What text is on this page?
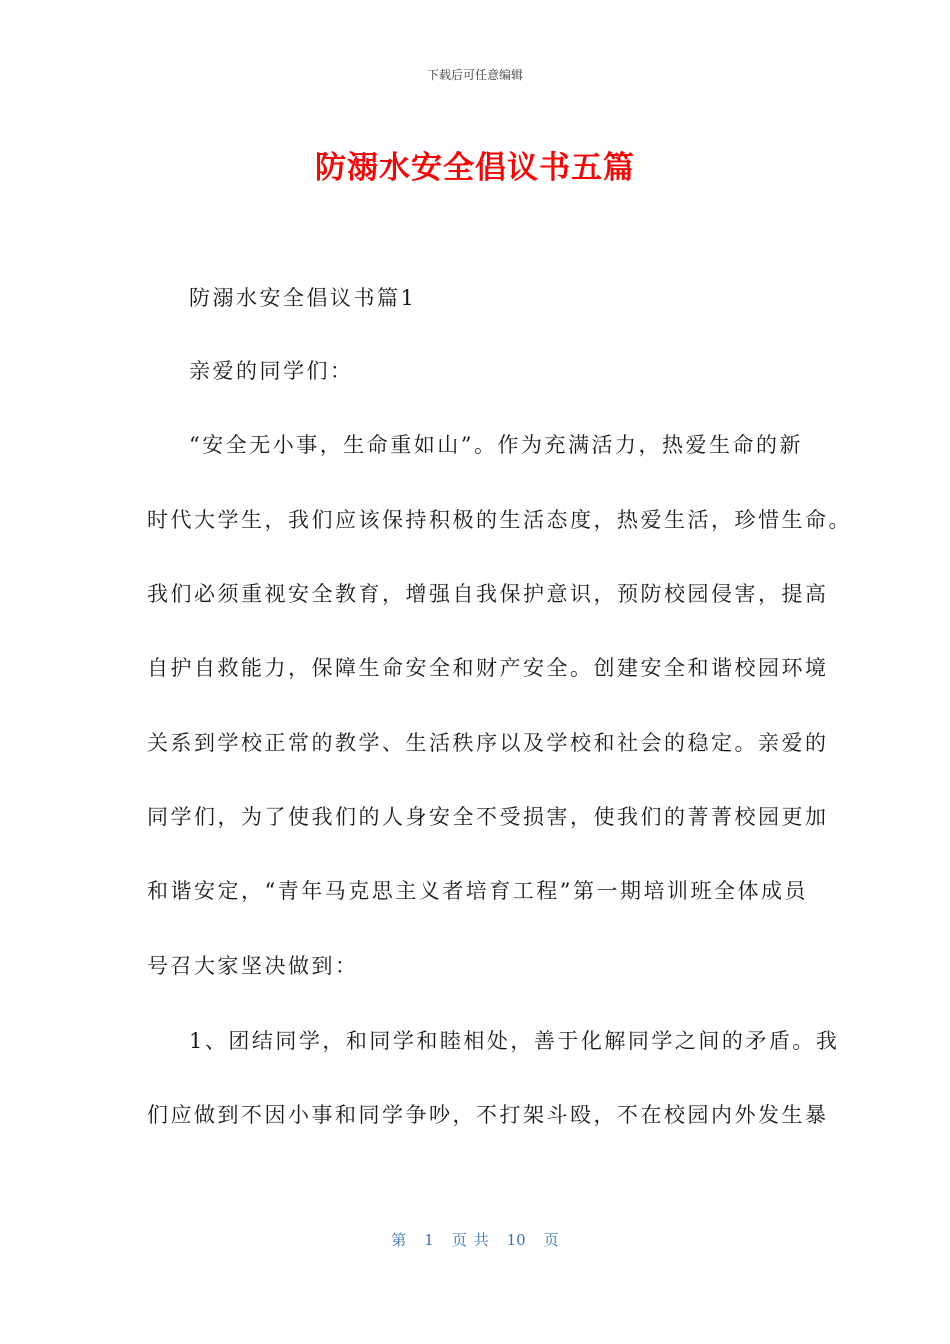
下载后可任意编辑
防溺水安全倡议书五篇
防溺水安全倡议书篇1
亲爱的同学们：
“安全无小事，生命重如山”。作为充满活力，热爱生命的新
时代大学生，我们应该保持积极的生活态度，热爱生活，珍惜生命。
我们必须重视安全教育，增强自我保护意识，预防校园侵害，提高
自护自救能力，保障生命安全和财产安全。创建安全和谐校园环境
关系到学校正常的教学、生活秩序以及学校和社会的稳定。亲爱的
同学们，为了使我们的人身安全不受损害，使我们的菁菁校园更加
和谐安定，“青年马克思主义者培育工程”第一期培训班全体成员
号召大家坚决做到：
1、团结同学，和同学和睦相处，善于化解同学之间的矛盾。我
们应做到不因小事和同学争吵，不打架斗殴，不在校园内外发生暴
第 1 页 共 10 页
